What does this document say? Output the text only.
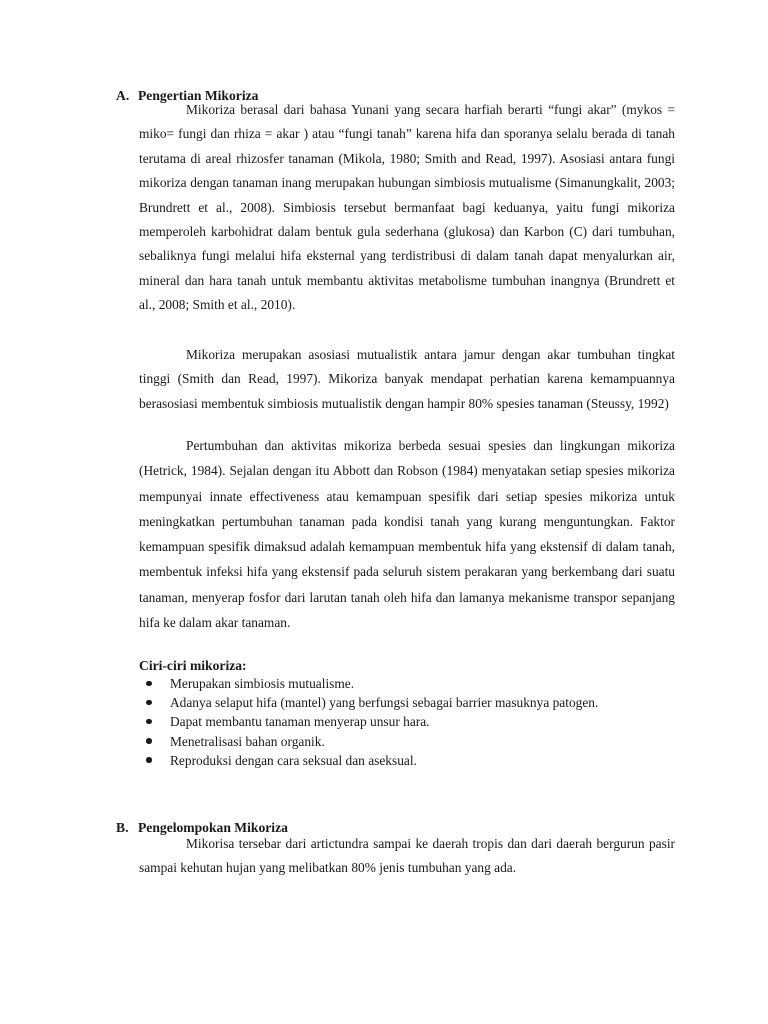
A. Pengertian Mikoriza

Mikoriza berasal dari bahasa Yunani yang secara harfiah berarti “fungi akar” (mykos = miko= fungi dan rhiza = akar ) atau “fungi tanah” karena hifa dan sporanya selalu berada di tanah terutama di areal rhizosfer tanaman (Mikola, 1980; Smith and Read, 1997). Asosiasi antara fungi mikoriza dengan tanaman inang merupakan hubungan simbiosis mutualisme (Simanungkalit, 2003; Brundrett et al., 2008). Simbiosis tersebut bermanfaat bagi keduanya, yaitu fungi mikoriza memperoleh karbohidrat dalam bentuk gula sederhana (glukosa) dan Karbon (C) dari tumbuhan, sebaliknya fungi melalui hifa eksternal yang terdistribusi di dalam tanah dapat menyalurkan air, mineral dan hara tanah untuk membantu aktivitas metabolisme tumbuhan inangnya (Brundrett et al., 2008; Smith et al., 2010).

Mikoriza merupakan asosiasi mutualistik antara jamur dengan akar tumbuhan tingkat tinggi (Smith dan Read, 1997). Mikoriza banyak mendapat perhatian karena kemampuannya berasosiasi membentuk simbiosis mutualistik dengan hampir 80% spesies tanaman (Steussy, 1992)

Pertumbuhan dan aktivitas mikoriza berbeda sesuai spesies dan lingkungan mikoriza (Hetrick, 1984). Sejalan dengan itu Abbott dan Robson (1984) menyatakan setiap spesies mikoriza mempunyai innate effectiveness atau kemampuan spesifik dari setiap spesies mikoriza untuk meningkatkan pertumbuhan tanaman pada kondisi tanah yang kurang menguntungkan. Faktor kemampuan spesifik dimaksud adalah kemampuan membentuk hifa yang ekstensif di dalam tanah, membentuk infeksi hifa yang ekstensif pada seluruh sistem perakaran yang berkembang dari suatu tanaman, menyerap fosfor dari larutan tanah oleh hifa dan lamanya mekanisme transpor sepanjang hifa ke dalam akar tanaman.

Ciri-ciri mikoriza:
Merupakan simbiosis mutualisme.
Adanya selaput hifa (mantel) yang berfungsi sebagai barrier masuknya patogen.
Dapat membantu tanaman menyerap unsur hara.
Menetralisasi bahan organik.
Reproduksi dengan cara seksual dan aseksual.
B. Pengelompokan Mikoriza

Mikorisa tersebar dari artictundra sampai ke daerah tropis dan dari daerah bergurun pasir sampai kehutan hujan yang melibatkan 80% jenis tumbuhan yang ada.
